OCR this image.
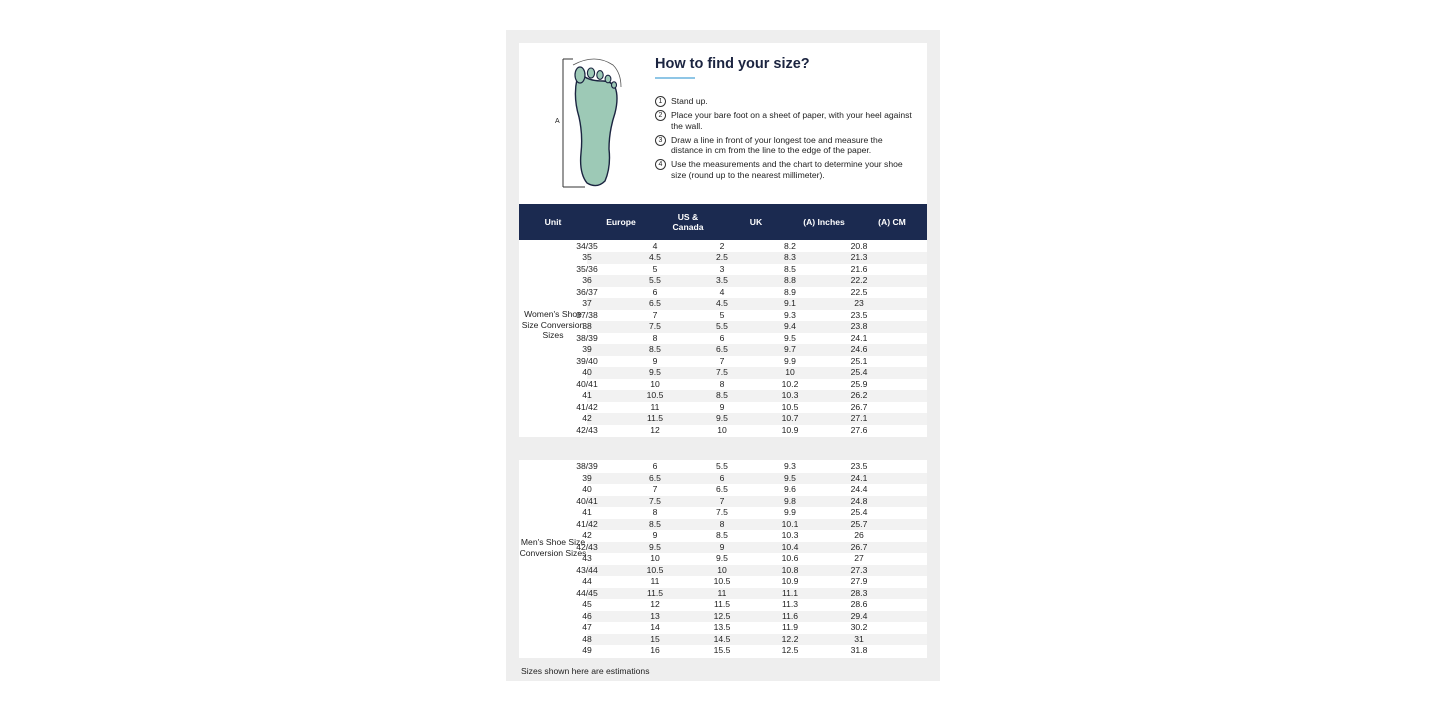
A
How to find your size?
1 Stand up.
2 Place your bare foot on a sheet of paper, with your heel against the wall.
3 Draw a line in front of your longest toe and measure the distance in cm from the line to the edge of the paper.
4 Use the measurements and the chart to determine your shoe size (round up to the nearest millimeter).
Unit	Europe	US & Canada	UK	(A) Inches	(A) CM
Women's Shoe Size Conversion Sizes
34/35	4	2	8.2	20.8
35	4.5	2.5	8.3	21.3
35/36	5	3	8.5	21.6
36	5.5	3.5	8.8	22.2
36/37	6	4	8.9	22.5
37	6.5	4.5	9.1	23
37/38	7	5	9.3	23.5
38	7.5	5.5	9.4	23.8
38/39	8	6	9.5	24.1
39	8.5	6.5	9.7	24.6
39/40	9	7	9.9	25.1
40	9.5	7.5	10	25.4
40/41	10	8	10.2	25.9
41	10.5	8.5	10.3	26.2
41/42	11	9	10.5	26.7
42	11.5	9.5	10.7	27.1
42/43	12	10	10.9	27.6
Men's Shoe Size Conversion Sizes
38/39	6	5.5	9.3	23.5
39	6.5	6	9.5	24.1
40	7	6.5	9.6	24.4
40/41	7.5	7	9.8	24.8
41	8	7.5	9.9	25.4
41/42	8.5	8	10.1	25.7
42	9	8.5	10.3	26
42/43	9.5	9	10.4	26.7
43	10	9.5	10.6	27
43/44	10.5	10	10.8	27.3
44	11	10.5	10.9	27.9
44/45	11.5	11	11.1	28.3
45	12	11.5	11.3	28.6
46	13	12.5	11.6	29.4
47	14	13.5	11.9	30.2
48	15	14.5	12.2	31
49	16	15.5	12.5	31.8
Sizes shown here are estimations
